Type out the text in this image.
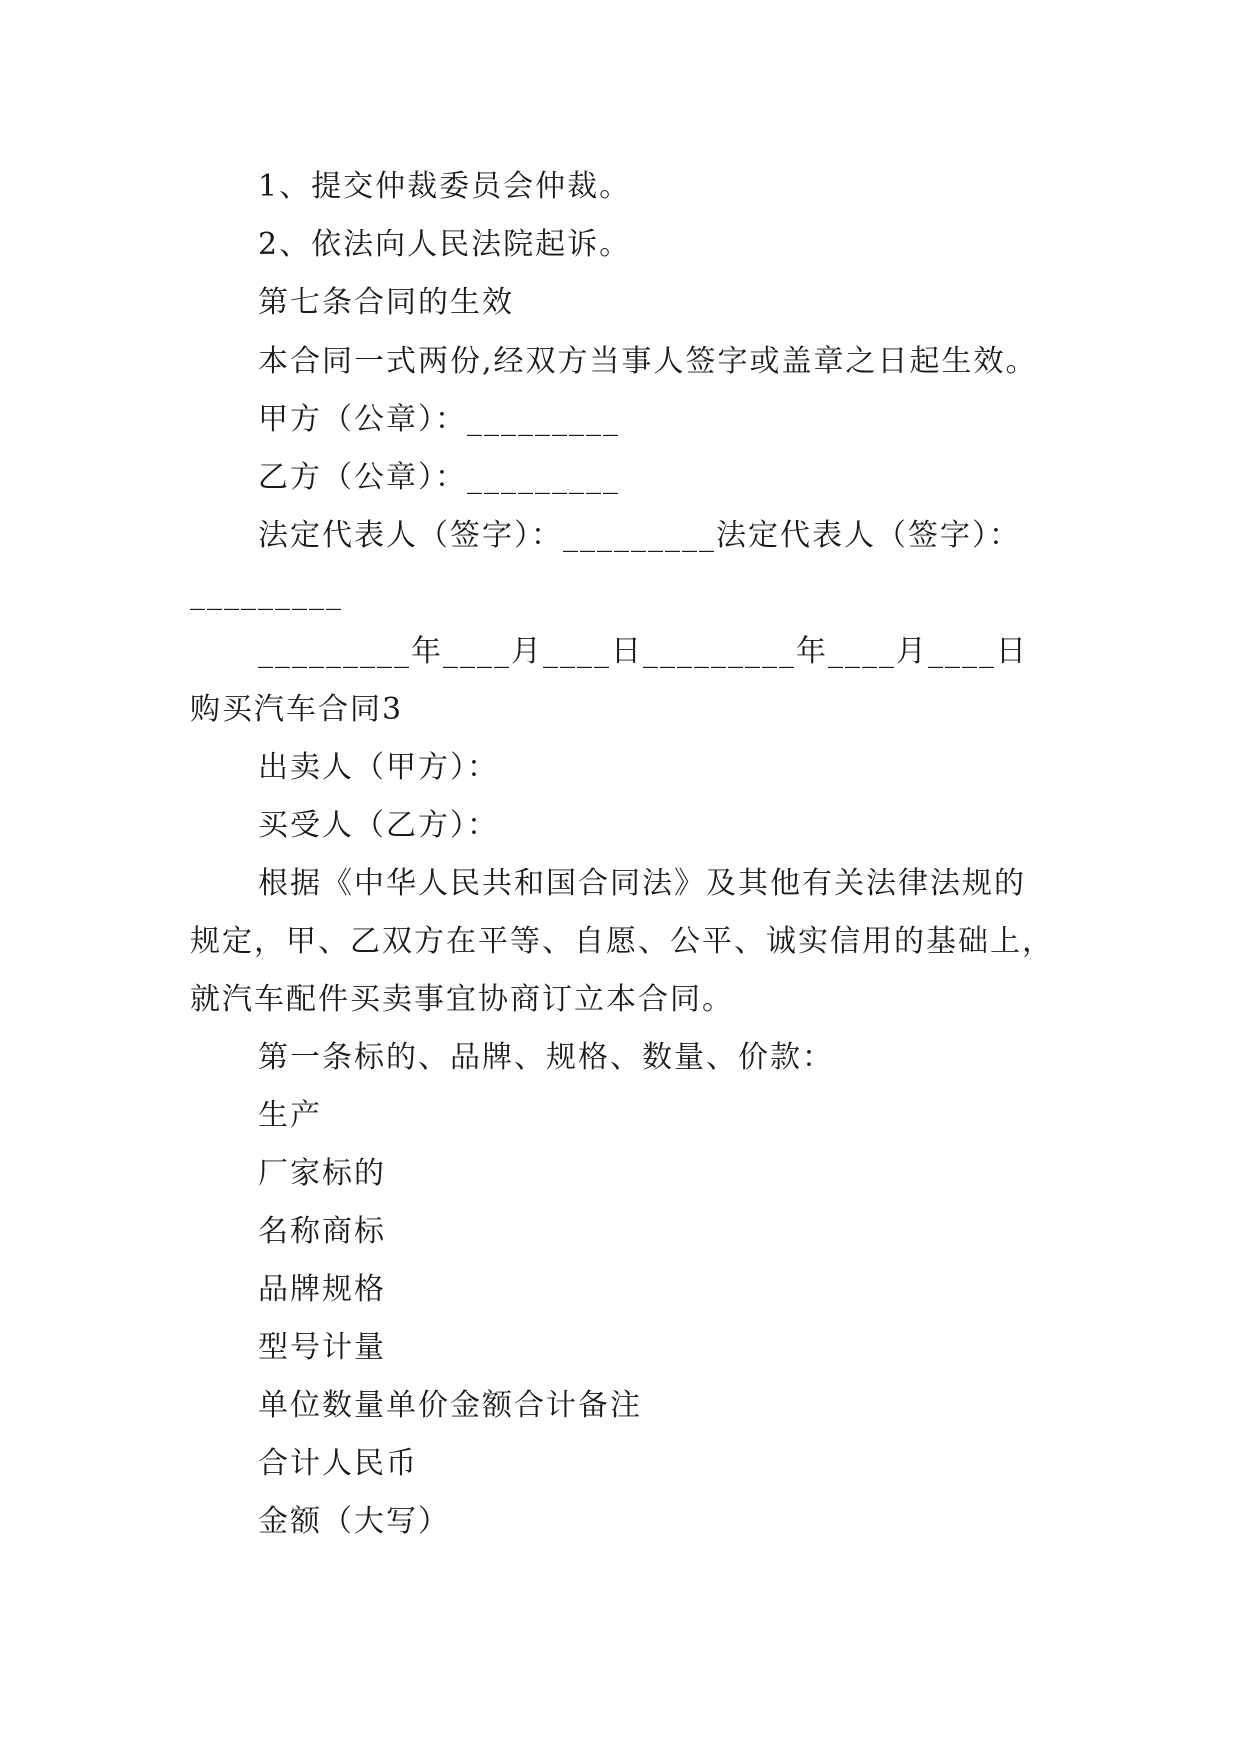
1、提交仲裁委员会仲裁。
2、依法向人民法院起诉。
第七条合同的生效
本合同一式两份,经双方当事人签字或盖章之日起生效。
甲方（公章）：_________
乙方（公章）：_________
法定代表人（签字）：_________法定代表人（签字）：
_________
_________年____月____日_________年____月____日
购买汽车合同3
出卖人（甲方）：
买受人（乙方）：
根据《中华人民共和国合同法》及其他有关法律法规的
规定，甲、乙双方在平等、自愿、公平、诚实信用的基础上，
就汽车配件买卖事宜协商订立本合同。
第一条标的、品牌、规格、数量、价款：
生产
厂家标的
名称商标
品牌规格
型号计量
单位数量单价金额合计备注
合计人民币
金额（大写）
